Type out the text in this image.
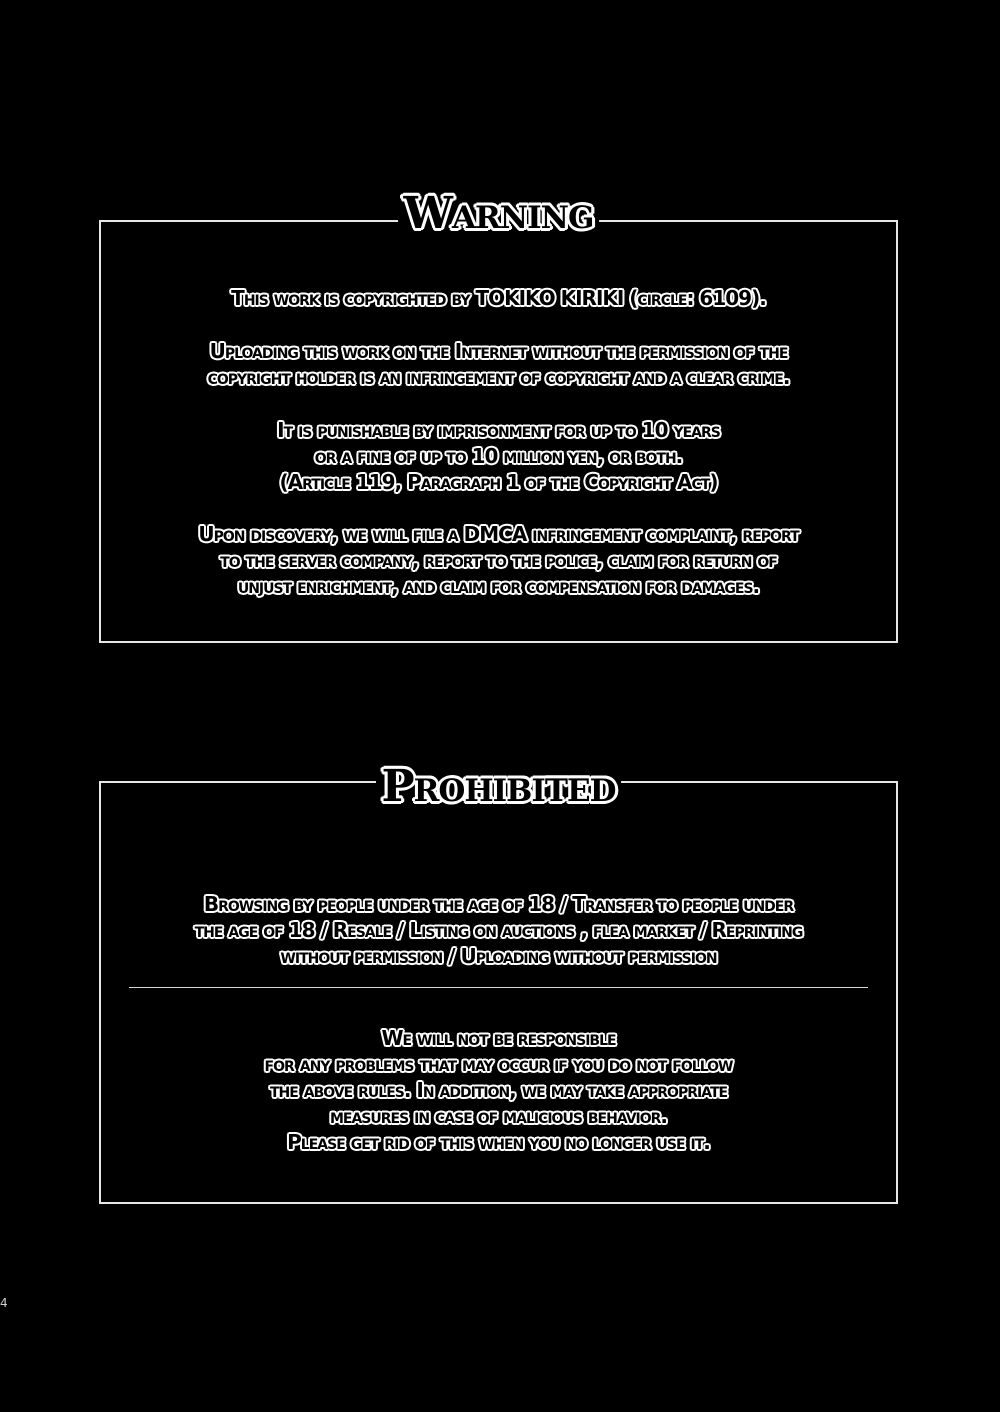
Warning
This work is copyrighted by TOKIKO KIRIKI (circle: 6109).
Uploading this work on the Internet without the permission of the
copyright holder is an infringement of copyright and a clear crime.
It is punishable by imprisonment for up to 10 years
or a fine of up to 10 million yen, or both.
(Article 119, Paragraph 1 of the Copyright Act)
Upon discovery, we will file a DMCA infringement complaint, report
to the server company, report to the police, claim for return of
unjust enrichment, and claim for compensation for damages.
Prohibited
Browsing by people under the age of 18 / Transfer to people under
the age of 18 / Resale / Listing on auctions , flea market / Reprinting
without permission / Uploading without permission
We will not be responsible
for any problems that may occur if you do not follow
the above rules. In addition, we may take appropriate
measures in case of malicious behavior.
Please get rid of this when you no longer use it.
4
